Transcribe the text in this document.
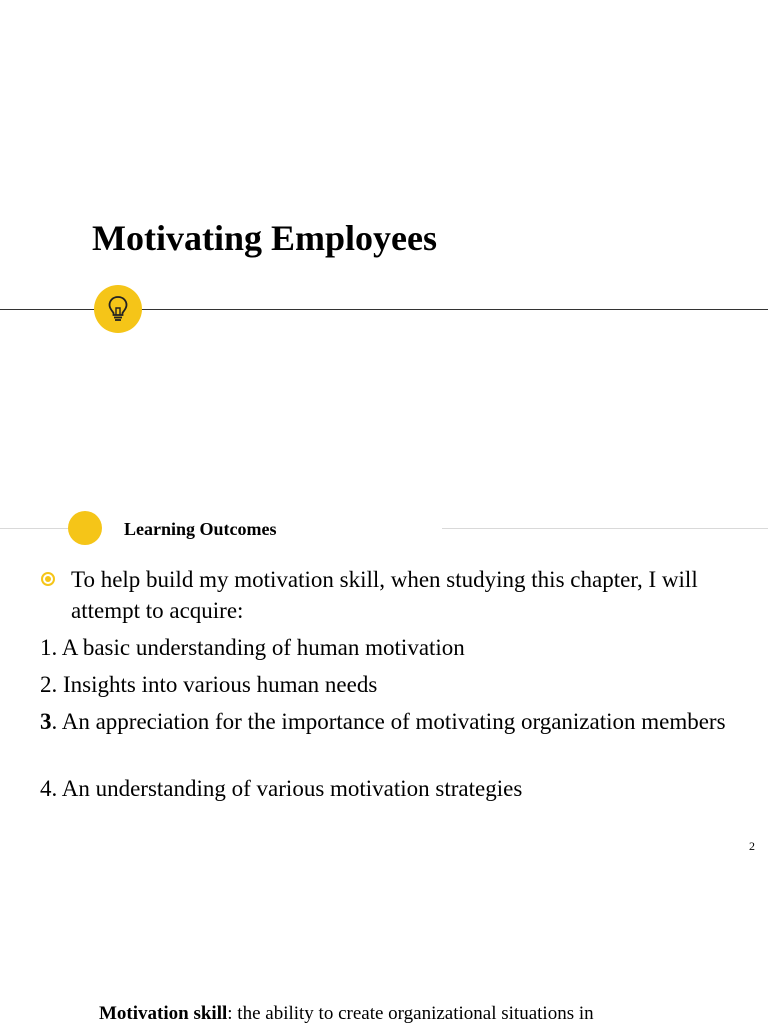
Motivating Employees
Learning Outcomes
To help build my motivation skill, when studying this chapter, I will attempt to acquire:
1. A basic understanding of human motivation
2. Insights into various human needs
3. An appreciation for the importance of motivating organization members
4. An understanding of various motivation strategies
2
Motivation skill: the ability to create organizational situations in
